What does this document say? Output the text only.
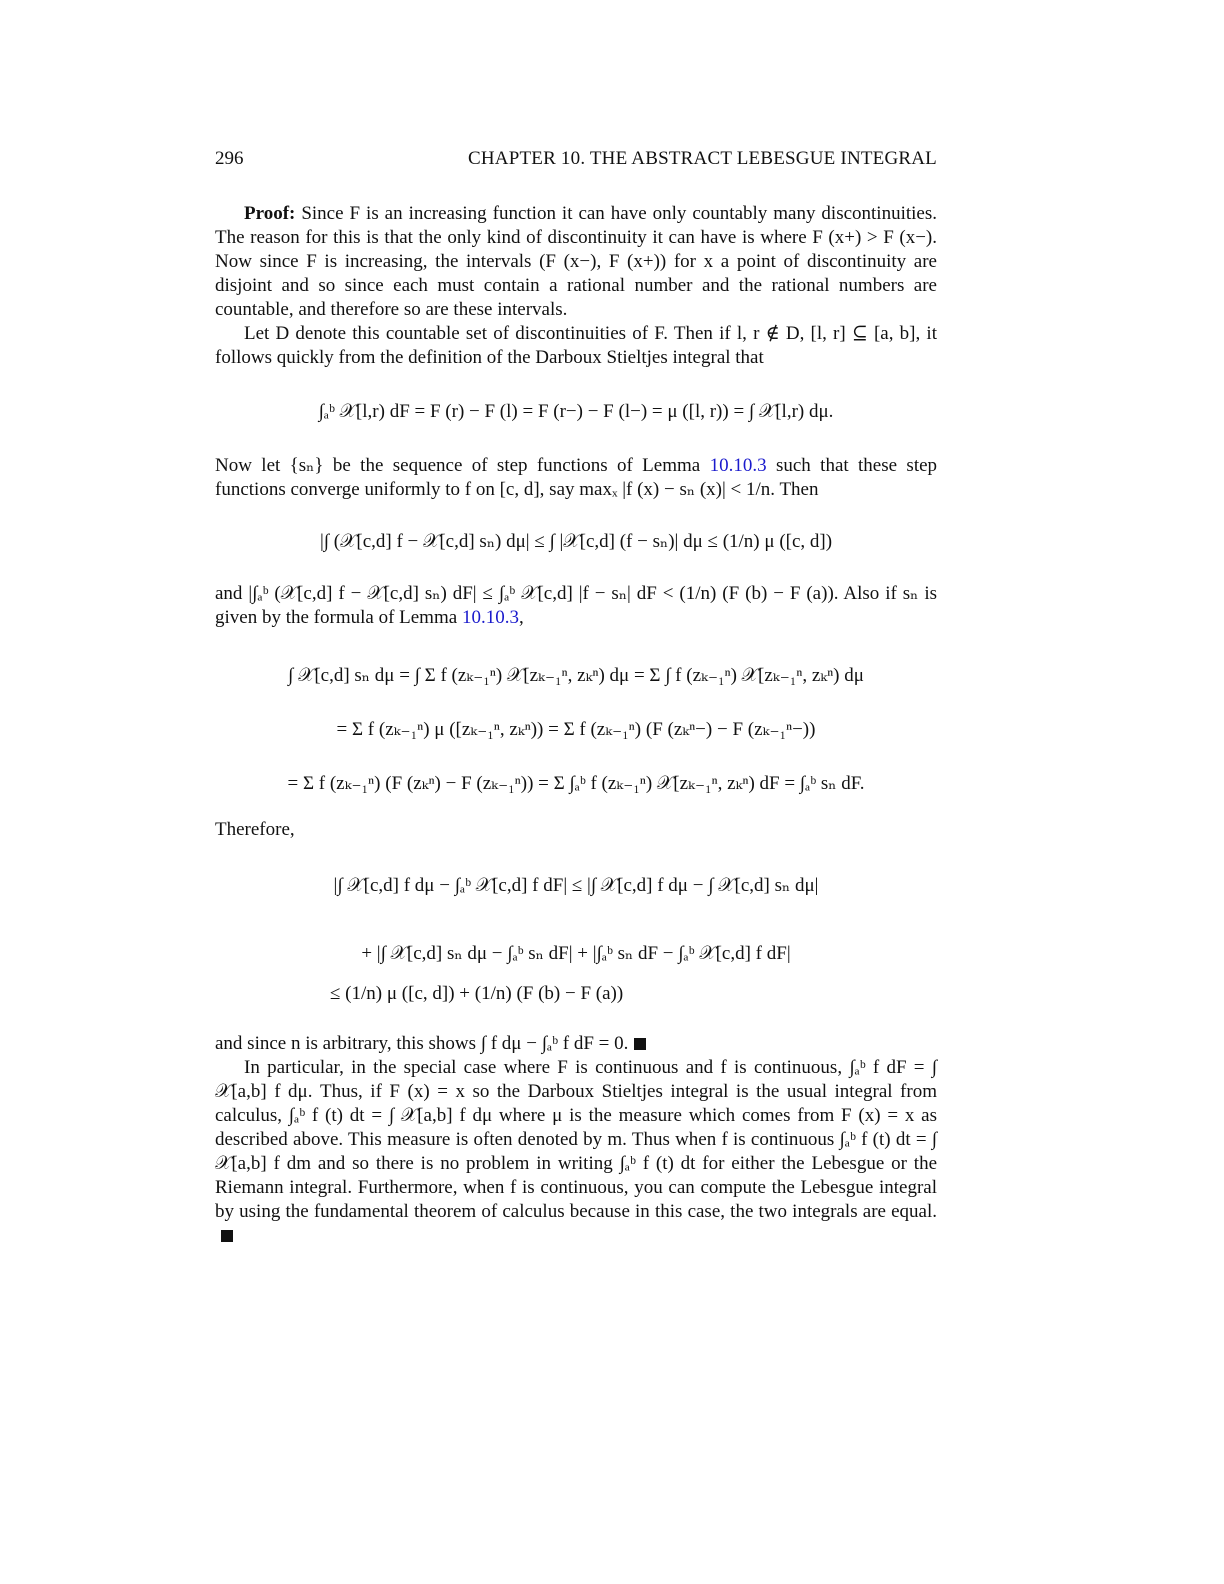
296	CHAPTER 10. THE ABSTRACT LEBESGUE INTEGRAL

Proof: Since F is an increasing function it can have only countably many discontinuities. The reason for this is that the only kind of discontinuity it can have is where F (x+) > F (x−). Now since F is increasing, the intervals (F (x−), F (x+)) for x a point of discontinuity are disjoint and so since each must contain a rational number and the rational numbers are countable, and therefore so are these intervals.

Let D denote this countable set of discontinuities of F. Then if l, r ∉ D, [l, r] ⊆ [a, b], it follows quickly from the definition of the Darboux Stieltjes integral that

∫ₐᵇ 𝒳[l,r) dF = F (r) − F (l) = F (r−) − F (l−) = μ ([l, r)) = ∫ 𝒳[l,r) dμ.

Now let {sₙ} be the sequence of step functions of Lemma 10.10.3 such that these step functions converge uniformly to f on [c, d], say maxₓ |f (x) − sₙ (x)| < 1/n. Then

|∫ (𝒳[c,d] f − 𝒳[c,d] sₙ) dμ| ≤ ∫ |𝒳[c,d] (f − sₙ)| dμ ≤ (1/n) μ ([c, d])

and |∫ₐᵇ (𝒳[c,d] f − 𝒳[c,d] sₙ) dF| ≤ ∫ₐᵇ 𝒳[c,d] |f − sₙ| dF < (1/n) (F (b) − F (a)). Also if sₙ is given by the formula of Lemma 10.10.3,

∫ 𝒳[c,d] sₙ dμ = ∫ Σ f (zₖ₋₁ⁿ) 𝒳[zₖ₋₁ⁿ, zₖⁿ) dμ = Σ ∫ f (zₖ₋₁ⁿ) 𝒳[zₖ₋₁ⁿ, zₖⁿ) dμ
= Σ f (zₖ₋₁ⁿ) μ ([zₖ₋₁ⁿ, zₖⁿ)) = Σ f (zₖ₋₁ⁿ) (F (zₖⁿ−) − F (zₖ₋₁ⁿ−))
= Σ f (zₖ₋₁ⁿ) (F (zₖⁿ) − F (zₖ₋₁ⁿ)) = Σ ∫ₐᵇ f (zₖ₋₁ⁿ) 𝒳[zₖ₋₁ⁿ, zₖⁿ) dF = ∫ₐᵇ sₙ dF.

Therefore,

|∫ 𝒳[c,d] f dμ − ∫ₐᵇ 𝒳[c,d] f dF| ≤ |∫ 𝒳[c,d] f dμ − ∫ 𝒳[c,d] sₙ dμ|
+ |∫ 𝒳[c,d] sₙ dμ − ∫ₐᵇ sₙ dF| + |∫ₐᵇ sₙ dF − ∫ₐᵇ 𝒳[c,d] f dF|
≤ (1/n) μ ([c, d]) + (1/n) (F (b) − F (a))

and since n is arbitrary, this shows ∫ f dμ − ∫ₐᵇ f dF = 0.

In particular, in the special case where F is continuous and f is continuous, ∫ₐᵇ f dF = ∫ 𝒳[a,b] f dμ. Thus, if F (x) = x so the Darboux Stieltjes integral is the usual integral from calculus, ∫ₐᵇ f (t) dt = ∫ 𝒳[a,b] f dμ where μ is the measure which comes from F (x) = x as described above. This measure is often denoted by m. Thus when f is continuous ∫ₐᵇ f (t) dt = ∫ 𝒳[a,b] f dm and so there is no problem in writing ∫ₐᵇ f (t) dt for either the Lebesgue or the Riemann integral. Furthermore, when f is continuous, you can compute the Lebesgue integral by using the fundamental theorem of calculus because in this case, the two integrals are equal.
